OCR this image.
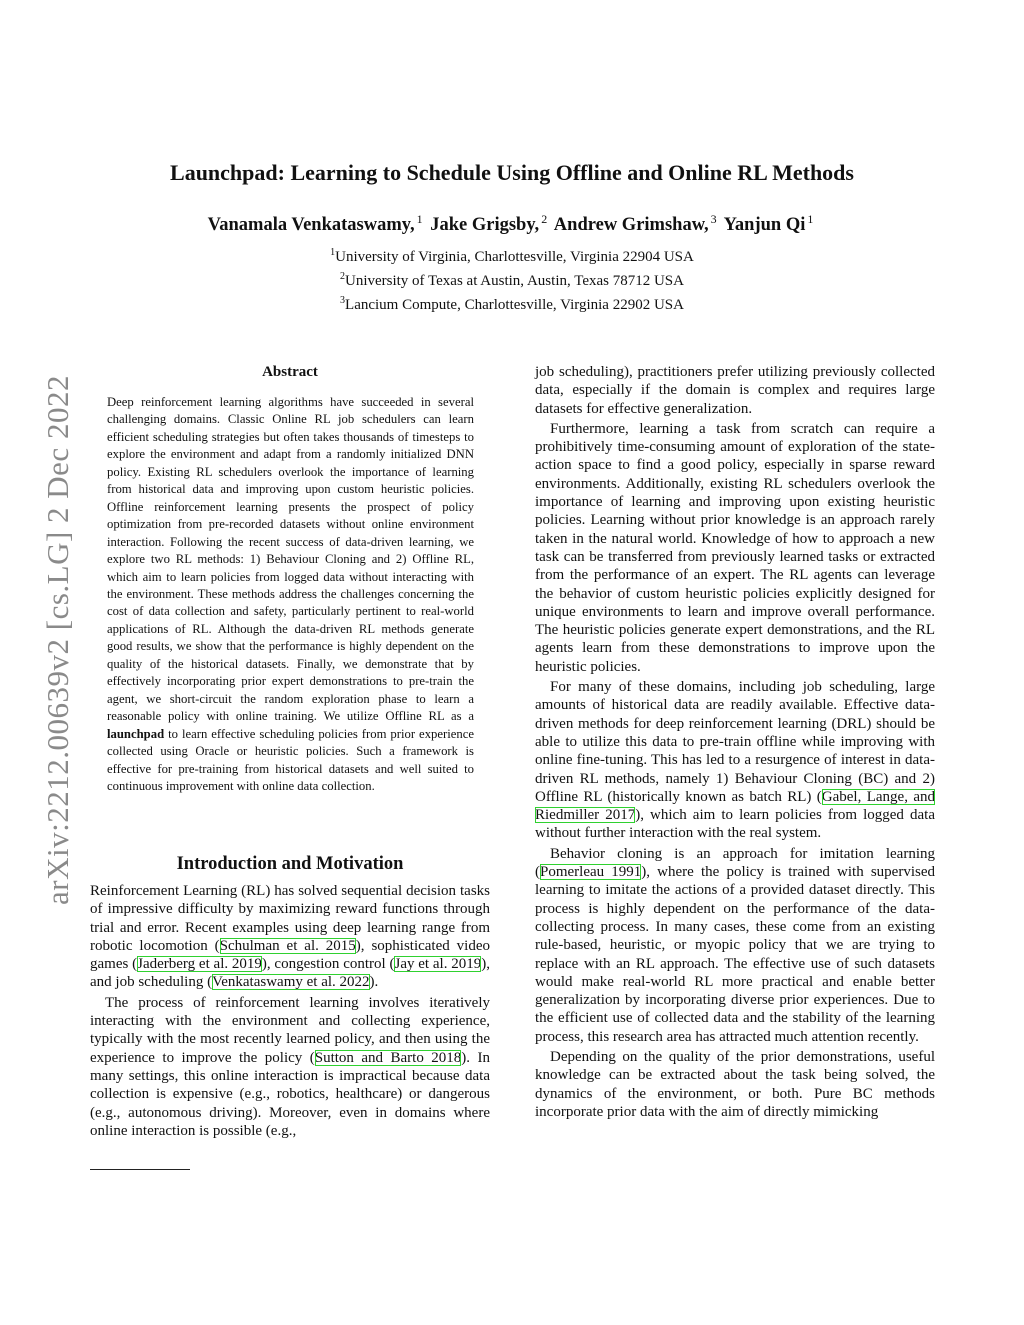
arXiv:2212.00639v2 [cs.LG] 2 Dec 2022
Launchpad: Learning to Schedule Using Offline and Online RL Methods
Vanamala Venkataswamy, $^1$ Jake Grigsby, $^2$ Andrew Grimshaw, $^3$ Yanjun Qi $^1$
$^1$University of Virginia, Charlottesville, Virginia 22904 USA
$^2$University of Texas at Austin, Austin, Texas 78712 USA
$^3$Lancium Compute, Charlottesville, Virginia 22902 USA
Abstract
Deep reinforcement learning algorithms have succeeded in several challenging domains. Classic Online RL job schedulers can learn efficient scheduling strategies but often takes thousands of timesteps to explore the environment and adapt from a randomly initialized DNN policy. Existing RL schedulers overlook the importance of learning from historical data and improving upon custom heuristic policies. Offline reinforcement learning presents the prospect of policy optimization from pre-recorded datasets without online environment interaction. Following the recent success of data-driven learning, we explore two RL methods: 1) Behaviour Cloning and 2) Offline RL, which aim to learn policies from logged data without interacting with the environment. These methods address the challenges concerning the cost of data collection and safety, particularly pertinent to real-world applications of RL. Although the data-driven RL methods generate good results, we show that the performance is highly dependent on the quality of the historical datasets. Finally, we demonstrate that by effectively incorporating prior expert demonstrations to pre-train the agent, we short-circuit the random exploration phase to learn a reasonable policy with online training. We utilize Offline RL as a launchpad to learn effective scheduling policies from prior experience collected using Oracle or heuristic policies. Such a framework is effective for pre-training from historical datasets and well suited to continuous improvement with online data collection.
Introduction and Motivation

Reinforcement Learning (RL) has solved sequential decision tasks of impressive difficulty by maximizing reward functions through trial and error. Recent examples using deep learning range from robotic locomotion (Schulman et al. 2015), sophisticated video games (Jaderberg et al. 2019), congestion control (Jay et al. 2019), and job scheduling (Venkataswamy et al. 2022).

The process of reinforcement learning involves iteratively interacting with the environment and collecting experience, typically with the most recently learned policy, and then using the experience to improve the policy (Sutton and Barto 2018). In many settings, this online interaction is impractical because data collection is expensive (e.g., robotics, healthcare) or dangerous (e.g., autonomous driving). Moreover, even in domains where online interaction is possible (e.g.,

job scheduling), practitioners prefer utilizing previously collected data, especially if the domain is complex and requires large datasets for effective generalization.

Furthermore, learning a task from scratch can require a prohibitively time-consuming amount of exploration of the state-action space to find a good policy, especially in sparse reward environments. Additionally, existing RL schedulers overlook the importance of learning and improving upon existing heuristic policies. Learning without prior knowledge is an approach rarely taken in the natural world. Knowledge of how to approach a new task can be transferred from previously learned tasks or extracted from the performance of an expert. The RL agents can leverage the behavior of custom heuristic policies explicitly designed for unique environments to learn and improve overall performance. The heuristic policies generate expert demonstrations, and the RL agents learn from these demonstrations to improve upon the heuristic policies.

For many of these domains, including job scheduling, large amounts of historical data are readily available. Effective data-driven methods for deep reinforcement learning (DRL) should be able to utilize this data to pre-train offline while improving with online fine-tuning. This has led to a resurgence of interest in data-driven RL methods, namely 1) Behaviour Cloning (BC) and 2) Offline RL (historically known as batch RL) (Gabel, Lange, and Riedmiller 2017), which aim to learn policies from logged data without further interaction with the real system.

Behavior cloning is an approach for imitation learning (Pomerleau 1991), where the policy is trained with supervised learning to imitate the actions of a provided dataset directly. This process is highly dependent on the performance of the data-collecting process. In many cases, these come from an existing rule-based, heuristic, or myopic policy that we are trying to replace with an RL approach. The effective use of such datasets would make real-world RL more practical and enable better generalization by incorporating diverse prior experiences. Due to the efficient use of collected data and the stability of the learning process, this research area has attracted much attention recently.

Depending on the quality of the prior demonstrations, useful knowledge can be extracted about the task being solved, the dynamics of the environment, or both. Pure BC methods incorporate prior data with the aim of directly mimicking
